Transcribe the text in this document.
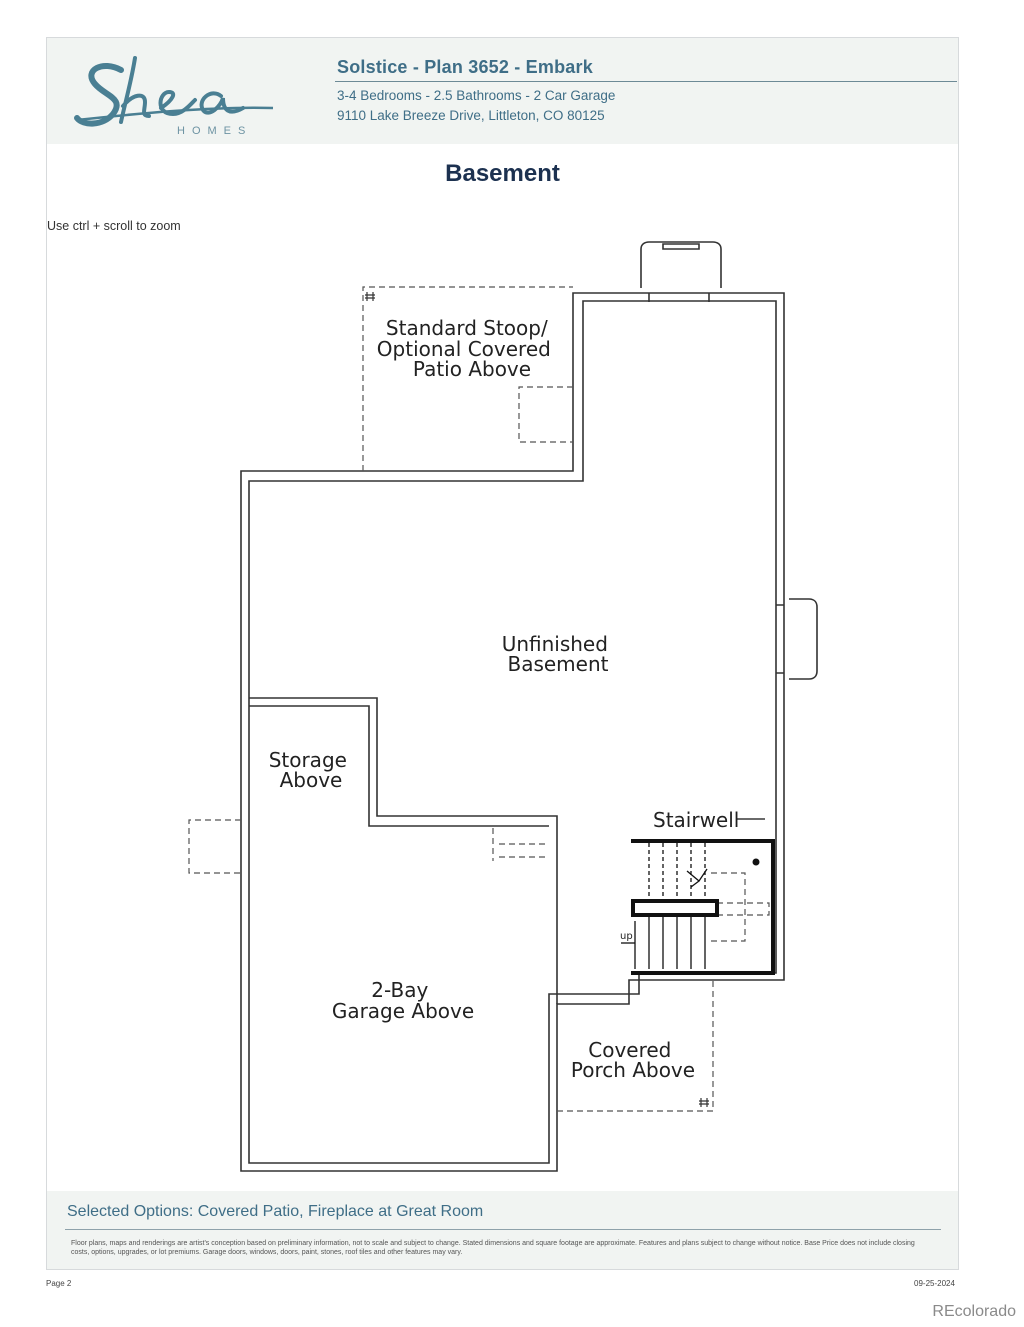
Shea
HOMES
Solstice - Plan 3652 - Embark
3-4 Bedrooms - 2.5 Bathrooms - 2 Car Garage
9110 Lake Breeze Drive, Littleton, CO 80125
Basement
Use ctrl + scroll to zoom
Standard Stoop/ Optional Covered Patio Above
Unfinished Basement
Storage Above
2-Bay Garage Above
Covered Porch Above
Stairwell
up
Selected Options: Covered Patio, Fireplace at Great Room
Floor plans, maps and renderings are artist's conception based on preliminary information, not to scale and subject to change. Stated dimensions and square footage are approximate. Features and plans subject to change without notice. Base Price does not include closing costs, options, upgrades, or lot premiums. Garage doors, windows, doors, paint, stones, roof tiles and other features may vary.
Page 2	09-25-2024
REcolorado
